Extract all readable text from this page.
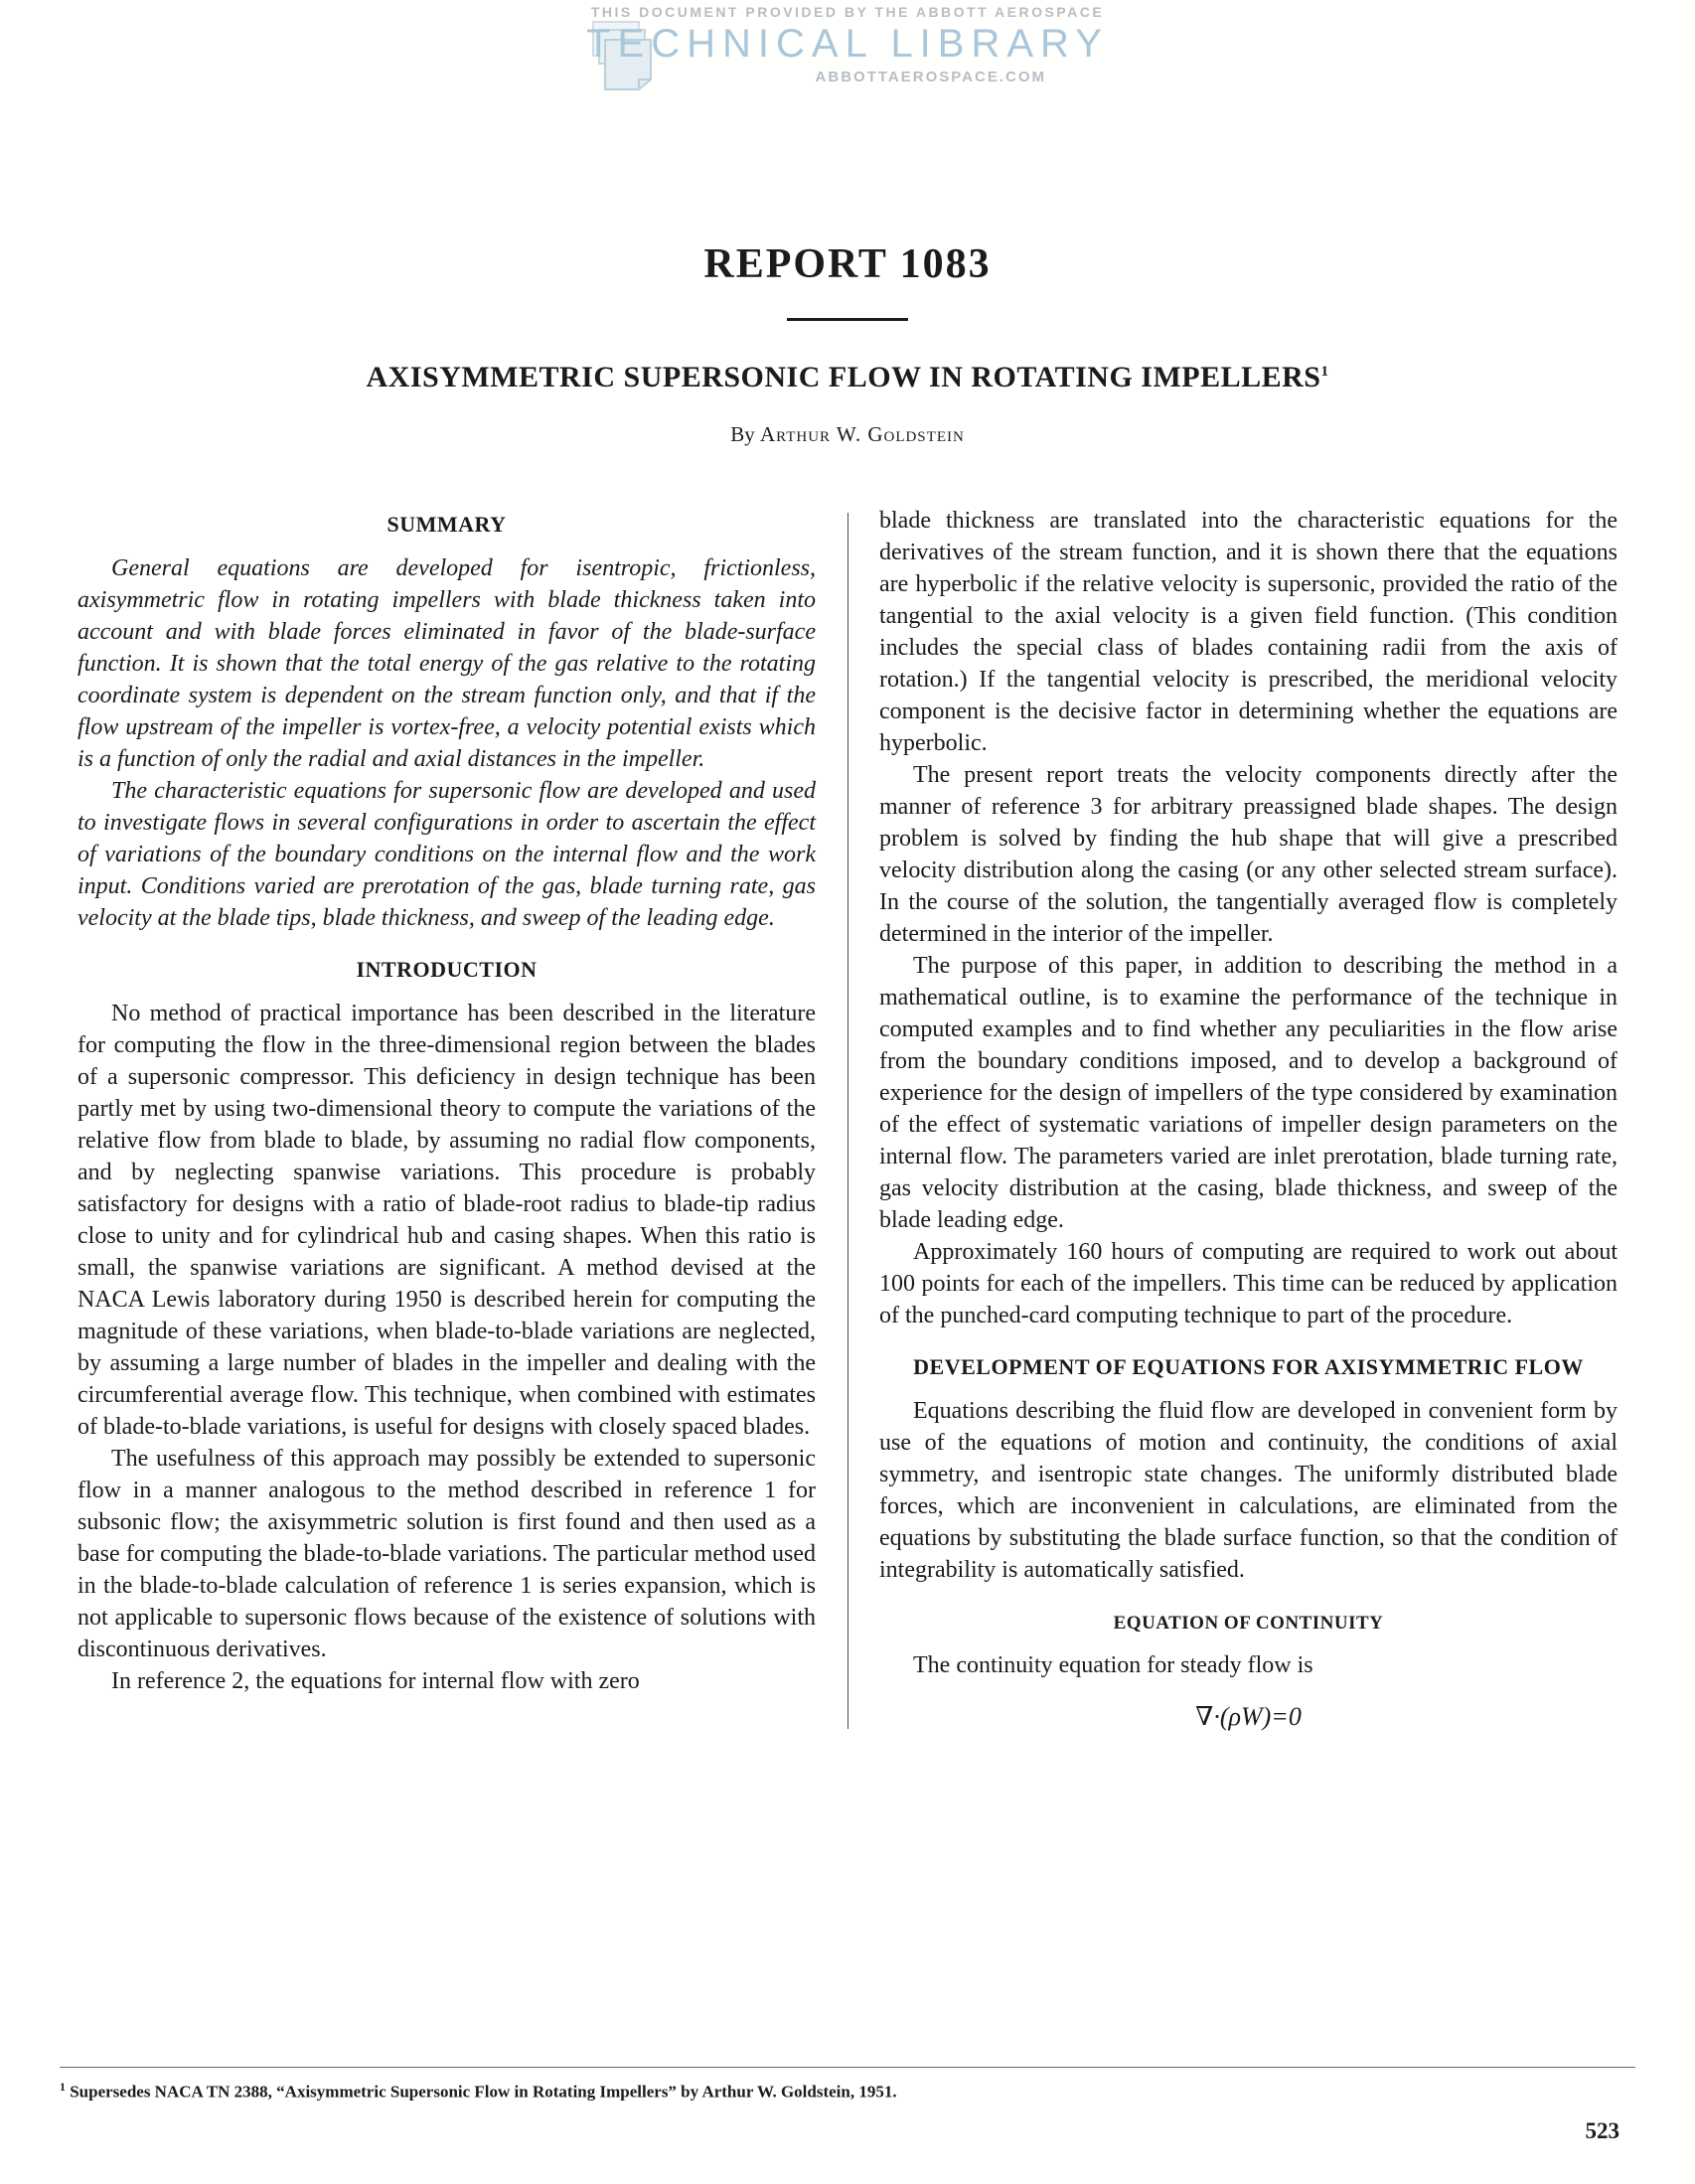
THIS DOCUMENT PROVIDED BY THE ABBOTT AEROSPACE
TECHNICAL LIBRARY
ABBOTTAEROSPACE.COM
REPORT 1083
AXISYMMETRIC SUPERSONIC FLOW IN ROTATING IMPELLERS$^1$
By Arthur W. Goldstein
SUMMARY

General equations are developed for isentropic, frictionless, axisymmetric flow in rotating impellers with blade thickness taken into account and with blade forces eliminated in favor of the blade-surface function. It is shown that the total energy of the gas relative to the rotating coordinate system is dependent on the stream function only, and that if the flow upstream of the impeller is vortex-free, a velocity potential exists which is a function of only the radial and axial distances in the impeller.

The characteristic equations for supersonic flow are developed and used to investigate flows in several configurations in order to ascertain the effect of variations of the boundary conditions on the internal flow and the work input. Conditions varied are prerotation of the gas, blade turning rate, gas velocity at the blade tips, blade thickness, and sweep of the leading edge.

INTRODUCTION

No method of practical importance has been described in the literature for computing the flow in the three-dimensional region between the blades of a supersonic compressor. This deficiency in design technique has been partly met by using two-dimensional theory to compute the variations of the relative flow from blade to blade, by assuming no radial flow components, and by neglecting spanwise variations. This procedure is probably satisfactory for designs with a ratio of blade-root radius to blade-tip radius close to unity and for cylindrical hub and casing shapes. When this ratio is small, the spanwise variations are significant. A method devised at the NACA Lewis laboratory during 1950 is described herein for computing the magnitude of these variations, when blade-to-blade variations are neglected, by assuming a large number of blades in the impeller and dealing with the circumferential average flow. This technique, when combined with estimates of blade-to-blade variations, is useful for designs with closely spaced blades.

The usefulness of this approach may possibly be extended to supersonic flow in a manner analogous to the method described in reference 1 for subsonic flow; the axisymmetric solution is first found and then used as a base for computing the blade-to-blade variations. The particular method used in the blade-to-blade calculation of reference 1 is series expansion, which is not applicable to supersonic flows because of the existence of solutions with discontinuous derivatives.

In reference 2, the equations for internal flow with zero

blade thickness are translated into the characteristic equations for the derivatives of the stream function, and it is shown there that the equations are hyperbolic if the relative velocity is supersonic, provided the ratio of the tangential to the axial velocity is a given field function. (This condition includes the special class of blades containing radii from the axis of rotation.) If the tangential velocity is prescribed, the meridional velocity component is the decisive factor in determining whether the equations are hyperbolic.

The present report treats the velocity components directly after the manner of reference 3 for arbitrary preassigned blade shapes. The design problem is solved by finding the hub shape that will give a prescribed velocity distribution along the casing (or any other selected stream surface). In the course of the solution, the tangentially averaged flow is completely determined in the interior of the impeller.

The purpose of this paper, in addition to describing the method in a mathematical outline, is to examine the performance of the technique in computed examples and to find whether any peculiarities in the flow arise from the boundary conditions imposed, and to develop a background of experience for the design of impellers of the type considered by examination of the effect of systematic variations of impeller design parameters on the internal flow. The parameters varied are inlet prerotation, blade turning rate, gas velocity distribution at the casing, blade thickness, and sweep of the blade leading edge.

Approximately 160 hours of computing are required to work out about 100 points for each of the impellers. This time can be reduced by application of the punched-card computing technique to part of the procedure.

DEVELOPMENT OF EQUATIONS FOR AXISYMMETRIC FLOW

Equations describing the fluid flow are developed in convenient form by use of the equations of motion and continuity, the conditions of axial symmetry, and isentropic state changes. The uniformly distributed blade forces, which are inconvenient in calculations, are eliminated from the equations by substituting the blade surface function, so that the condition of integrability is automatically satisfied.

EQUATION OF CONTINUITY

The continuity equation for steady flow is

∇·(ρW)=0
$^1$ Supersedes NACA TN 2388, “Axisymmetric Supersonic Flow in Rotating Impellers” by Arthur W. Goldstein, 1951.
523
